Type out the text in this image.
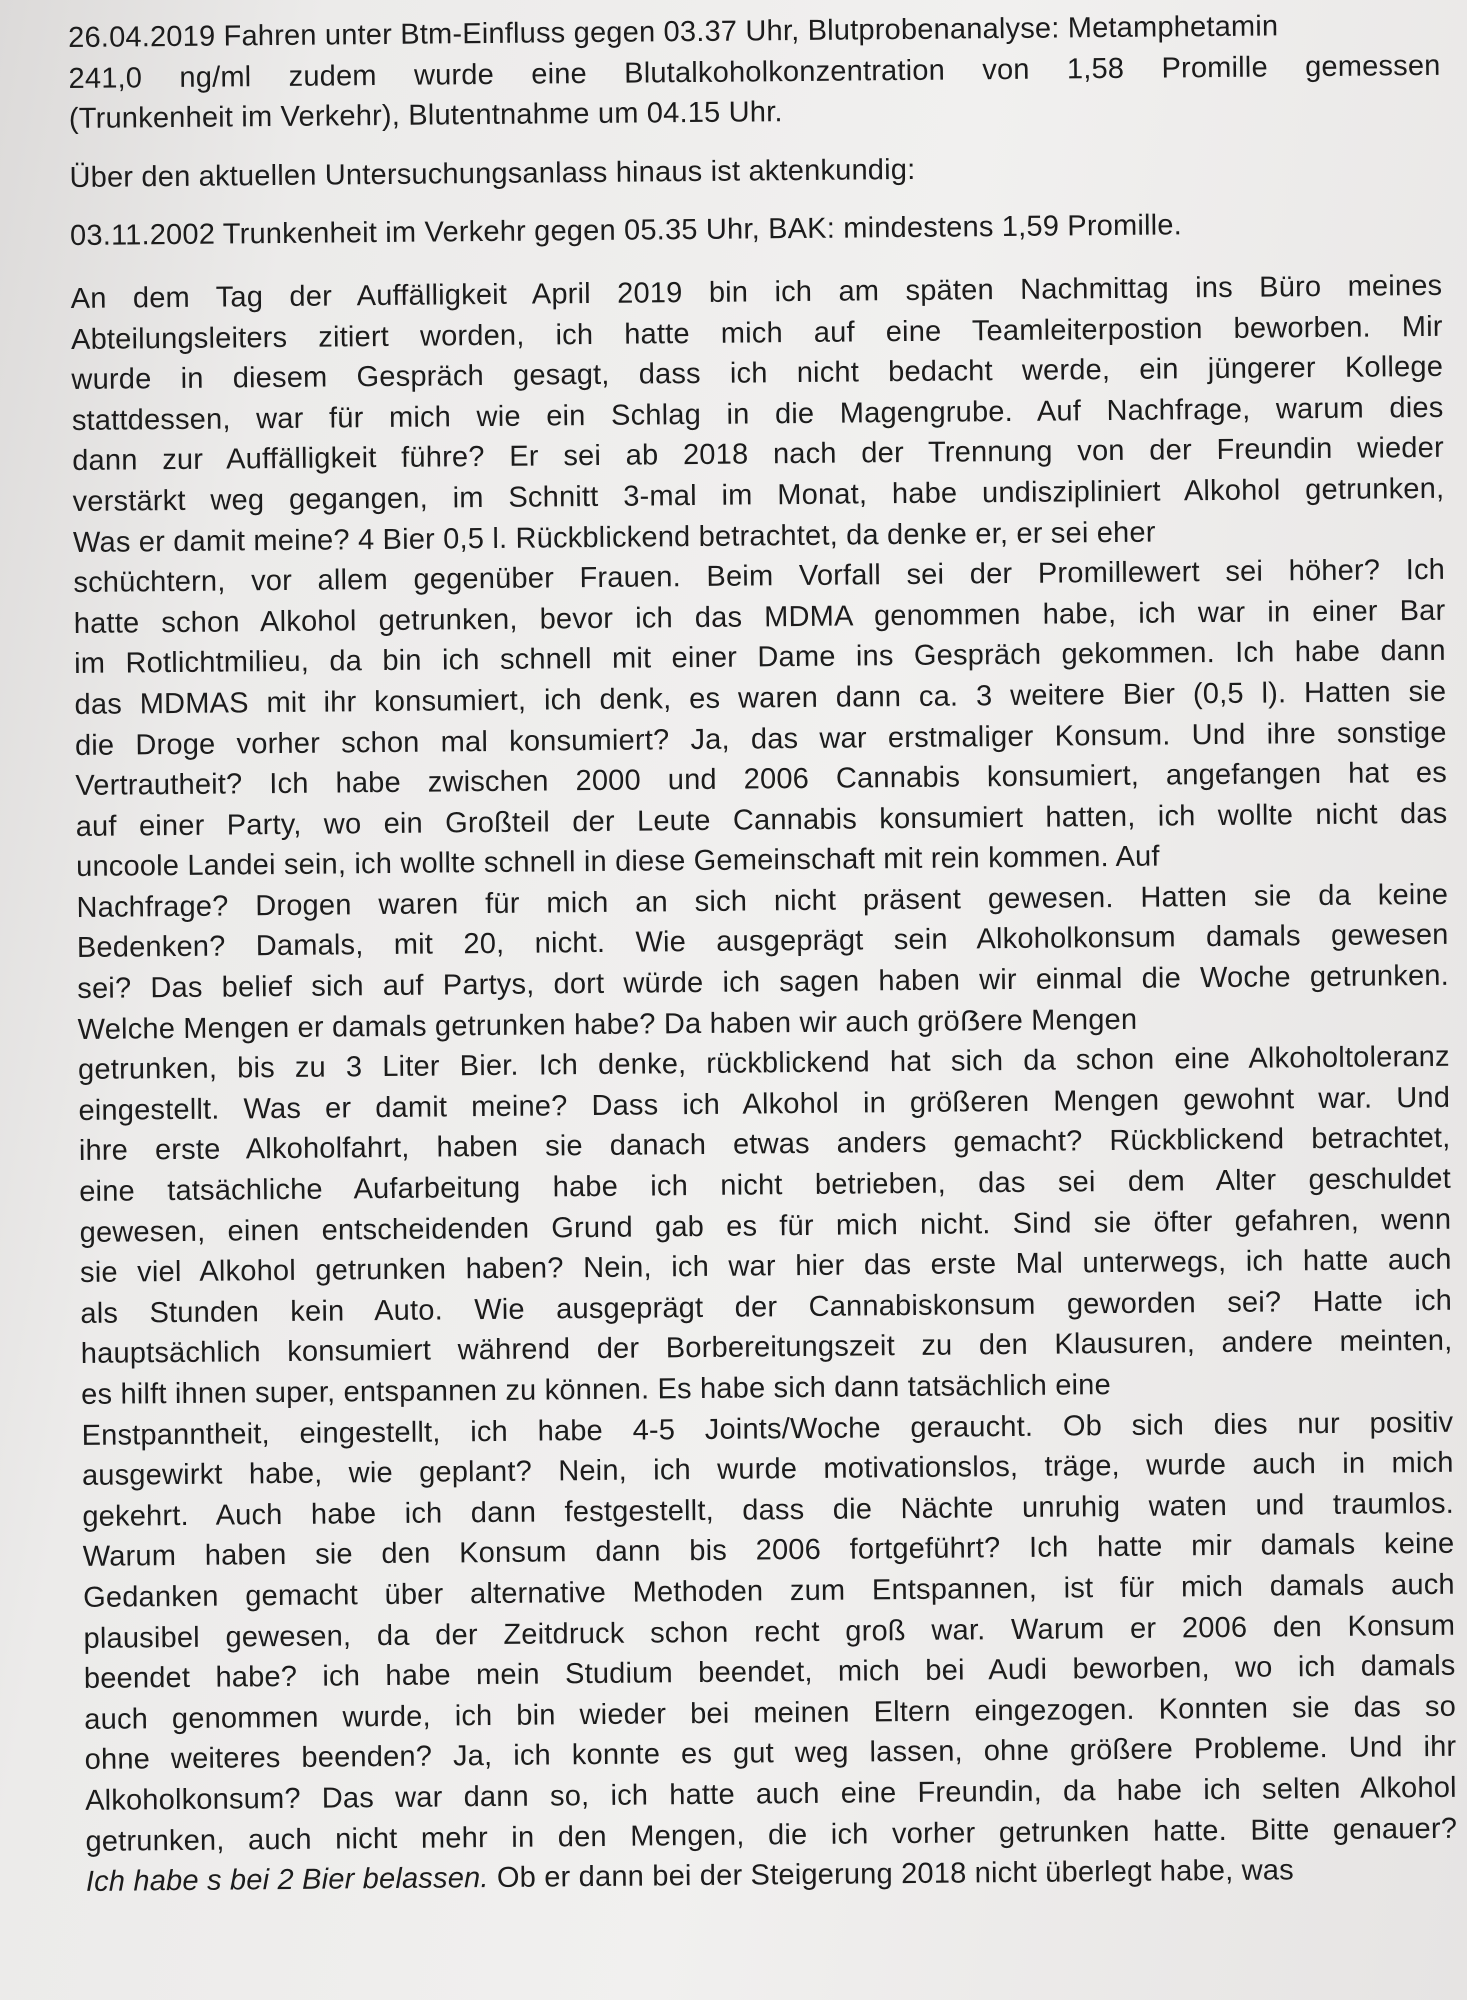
26.04.2019 Fahren unter Btm-Einfluss gegen 03.37 Uhr, Blutprobenanalyse: Metamphetamin
241,0 ng/ml zudem wurde eine Blutalkoholkonzentration von 1,58 Promille gemessen
(Trunkenheit im Verkehr), Blutentnahme um 04.15 Uhr.
Über den aktuellen Untersuchungsanlass hinaus ist aktenkundig:
03.11.2002 Trunkenheit im Verkehr gegen 05.35 Uhr, BAK: mindestens 1,59 Promille.
An dem Tag der Auffälligkeit April 2019 bin ich am späten Nachmittag ins Büro meines
Abteilungsleiters zitiert worden, ich hatte mich auf eine Teamleiterpostion beworben. Mir
wurde in diesem Gespräch gesagt, dass ich nicht bedacht werde, ein jüngerer Kollege
stattdessen, war für mich wie ein Schlag in die Magengrube. Auf Nachfrage, warum dies
dann zur Auffälligkeit führe? Er sei ab 2018 nach der Trennung von der Freundin wieder
verstärkt weg gegangen, im Schnitt 3-mal im Monat, habe undiszipliniert Alkohol getrunken,
Was er damit meine? 4 Bier 0,5 l. Rückblickend betrachtet, da denke er, er sei eher
schüchtern, vor allem gegenüber Frauen. Beim Vorfall sei der Promillewert sei höher? Ich
hatte schon Alkohol getrunken, bevor ich das MDMA genommen habe, ich war in einer Bar
im Rotlichtmilieu, da bin ich schnell mit einer Dame ins Gespräch gekommen. Ich habe dann
das MDMAS mit ihr konsumiert, ich denk, es waren dann ca. 3 weitere Bier (0,5 l). Hatten sie
die Droge vorher schon mal konsumiert? Ja, das war erstmaliger Konsum. Und ihre sonstige
Vertrautheit? Ich habe zwischen 2000 und 2006 Cannabis konsumiert, angefangen hat es
auf einer Party, wo ein Großteil der Leute Cannabis konsumiert hatten, ich wollte nicht das
uncoole Landei sein, ich wollte schnell in diese Gemeinschaft mit rein kommen. Auf
Nachfrage? Drogen waren für mich an sich nicht präsent gewesen. Hatten sie da keine
Bedenken? Damals, mit 20, nicht. Wie ausgeprägt sein Alkoholkonsum damals gewesen
sei? Das belief sich auf Partys, dort würde ich sagen haben wir einmal die Woche getrunken.
Welche Mengen er damals getrunken habe? Da haben wir auch gröẞere Mengen
getrunken, bis zu 3 Liter Bier. Ich denke, rückblickend hat sich da schon eine Alkoholtoleranz
eingestellt. Was er damit meine? Dass ich Alkohol in größeren Mengen gewohnt war. Und
ihre erste Alkoholfahrt, haben sie danach etwas anders gemacht? Rückblickend betrachtet,
eine tatsächliche Aufarbeitung habe ich nicht betrieben, das sei dem Alter geschuldet
gewesen, einen entscheidenden Grund gab es für mich nicht. Sind sie öfter gefahren, wenn
sie viel Alkohol getrunken haben? Nein, ich war hier das erste Mal unterwegs, ich hatte auch
als Stunden kein Auto. Wie ausgeprägt der Cannabiskonsum geworden sei? Hatte ich
hauptsächlich konsumiert während der Borbereitungszeit zu den Klausuren, andere meinten,
es hilft ihnen super, entspannen zu können. Es habe sich dann tatsächlich eine
Enstpanntheit, eingestellt, ich habe 4-5 Joints/Woche geraucht. Ob sich dies nur positiv
ausgewirkt habe, wie geplant? Nein, ich wurde motivationslos, träge, wurde auch in mich
gekehrt. Auch habe ich dann festgestellt, dass die Nächte unruhig waten und traumlos.
Warum haben sie den Konsum dann bis 2006 fortgeführt? Ich hatte mir damals keine
Gedanken gemacht über alternative Methoden zum Entspannen, ist für mich damals auch
plausibel gewesen, da der Zeitdruck schon recht groß war. Warum er 2006 den Konsum
beendet habe? ich habe mein Studium beendet, mich bei Audi beworben, wo ich damals
auch genommen wurde, ich bin wieder bei meinen Eltern eingezogen. Konnten sie das so
ohne weiteres beenden? Ja, ich konnte es gut weg lassen, ohne größere Probleme. Und ihr
Alkoholkonsum? Das war dann so, ich hatte auch eine Freundin, da habe ich selten Alkohol
getrunken, auch nicht mehr in den Mengen, die ich vorher getrunken hatte. Bitte genauer?
Ich habe s bei 2 Bier belassen. Ob er dann bei der Steigerung 2018 nicht überlegt habe, was
